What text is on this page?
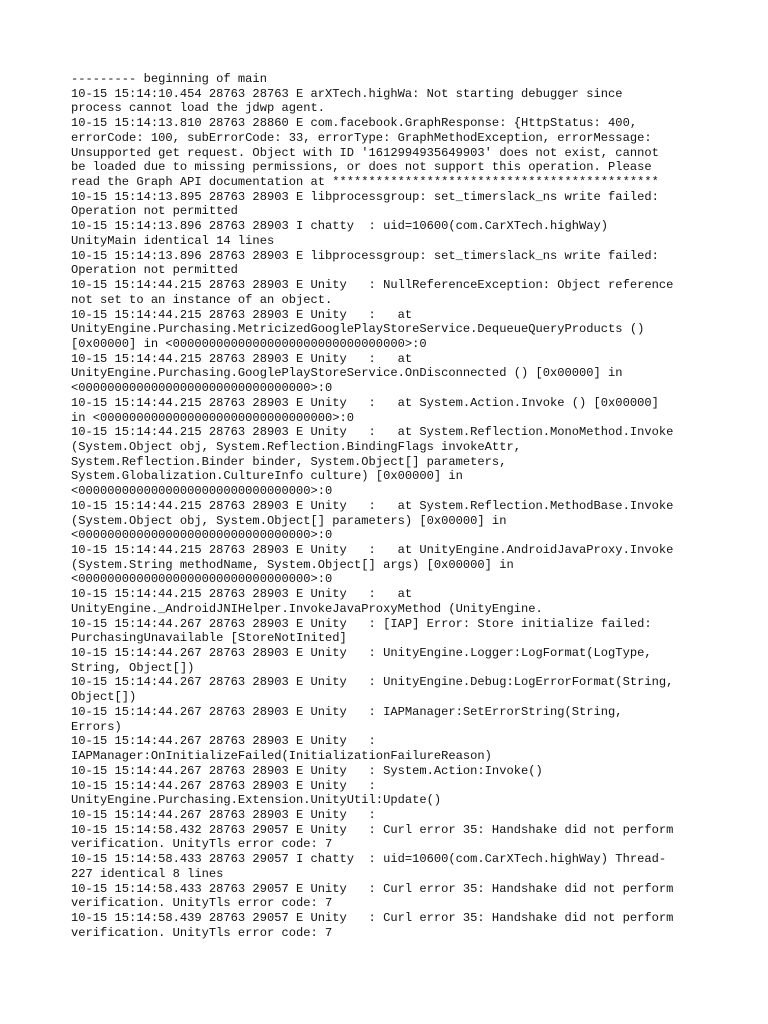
--------- beginning of main
10-15 15:14:10.454 28763 28763 E arXTech.highWa: Not starting debugger since
process cannot load the jdwp agent.
10-15 15:14:13.810 28763 28860 E com.facebook.GraphResponse: {HttpStatus: 400,
errorCode: 100, subErrorCode: 33, errorType: GraphMethodException, errorMessage:
Unsupported get request. Object with ID '1612994935649903' does not exist, cannot
be loaded due to missing permissions, or does not support this operation. Please
read the Graph API documentation at *********************************************
10-15 15:14:13.895 28763 28903 E libprocessgroup: set_timerslack_ns write failed:
Operation not permitted
10-15 15:14:13.896 28763 28903 I chatty  : uid=10600(com.CarXTech.highWay)
UnityMain identical 14 lines
10-15 15:14:13.896 28763 28903 E libprocessgroup: set_timerslack_ns write failed:
Operation not permitted
10-15 15:14:44.215 28763 28903 E Unity   : NullReferenceException: Object reference
not set to an instance of an object.
10-15 15:14:44.215 28763 28903 E Unity   :   at
UnityEngine.Purchasing.MetricizedGooglePlayStoreService.DequeueQueryProducts ()
[0x00000] in <00000000000000000000000000000000>:0
10-15 15:14:44.215 28763 28903 E Unity   :   at
UnityEngine.Purchasing.GooglePlayStoreService.OnDisconnected () [0x00000] in
<00000000000000000000000000000000>:0
10-15 15:14:44.215 28763 28903 E Unity   :   at System.Action.Invoke () [0x00000]
in <00000000000000000000000000000000>:0
10-15 15:14:44.215 28763 28903 E Unity   :   at System.Reflection.MonoMethod.Invoke
(System.Object obj, System.Reflection.BindingFlags invokeAttr,
System.Reflection.Binder binder, System.Object[] parameters,
System.Globalization.CultureInfo culture) [0x00000] in
<00000000000000000000000000000000>:0
10-15 15:14:44.215 28763 28903 E Unity   :   at System.Reflection.MethodBase.Invoke
(System.Object obj, System.Object[] parameters) [0x00000] in
<00000000000000000000000000000000>:0
10-15 15:14:44.215 28763 28903 E Unity   :   at UnityEngine.AndroidJavaProxy.Invoke
(System.String methodName, System.Object[] args) [0x00000] in
<00000000000000000000000000000000>:0
10-15 15:14:44.215 28763 28903 E Unity   :   at
UnityEngine._AndroidJNIHelper.InvokeJavaProxyMethod (UnityEngine.
10-15 15:14:44.267 28763 28903 E Unity   : [IAP] Error: Store initialize failed:
PurchasingUnavailable [StoreNotInited]
10-15 15:14:44.267 28763 28903 E Unity   : UnityEngine.Logger:LogFormat(LogType,
String, Object[])
10-15 15:14:44.267 28763 28903 E Unity   : UnityEngine.Debug:LogErrorFormat(String,
Object[])
10-15 15:14:44.267 28763 28903 E Unity   : IAPManager:SetErrorString(String,
Errors)
10-15 15:14:44.267 28763 28903 E Unity   :
IAPManager:OnInitializeFailed(InitializationFailureReason)
10-15 15:14:44.267 28763 28903 E Unity   : System.Action:Invoke()
10-15 15:14:44.267 28763 28903 E Unity   :
UnityEngine.Purchasing.Extension.UnityUtil:Update()
10-15 15:14:44.267 28763 28903 E Unity   :
10-15 15:14:58.432 28763 29057 E Unity   : Curl error 35: Handshake did not perform
verification. UnityTls error code: 7
10-15 15:14:58.433 28763 29057 I chatty  : uid=10600(com.CarXTech.highWay) Thread-
227 identical 8 lines
10-15 15:14:58.433 28763 29057 E Unity   : Curl error 35: Handshake did not perform
verification. UnityTls error code: 7
10-15 15:14:58.439 28763 29057 E Unity   : Curl error 35: Handshake did not perform
verification. UnityTls error code: 7
